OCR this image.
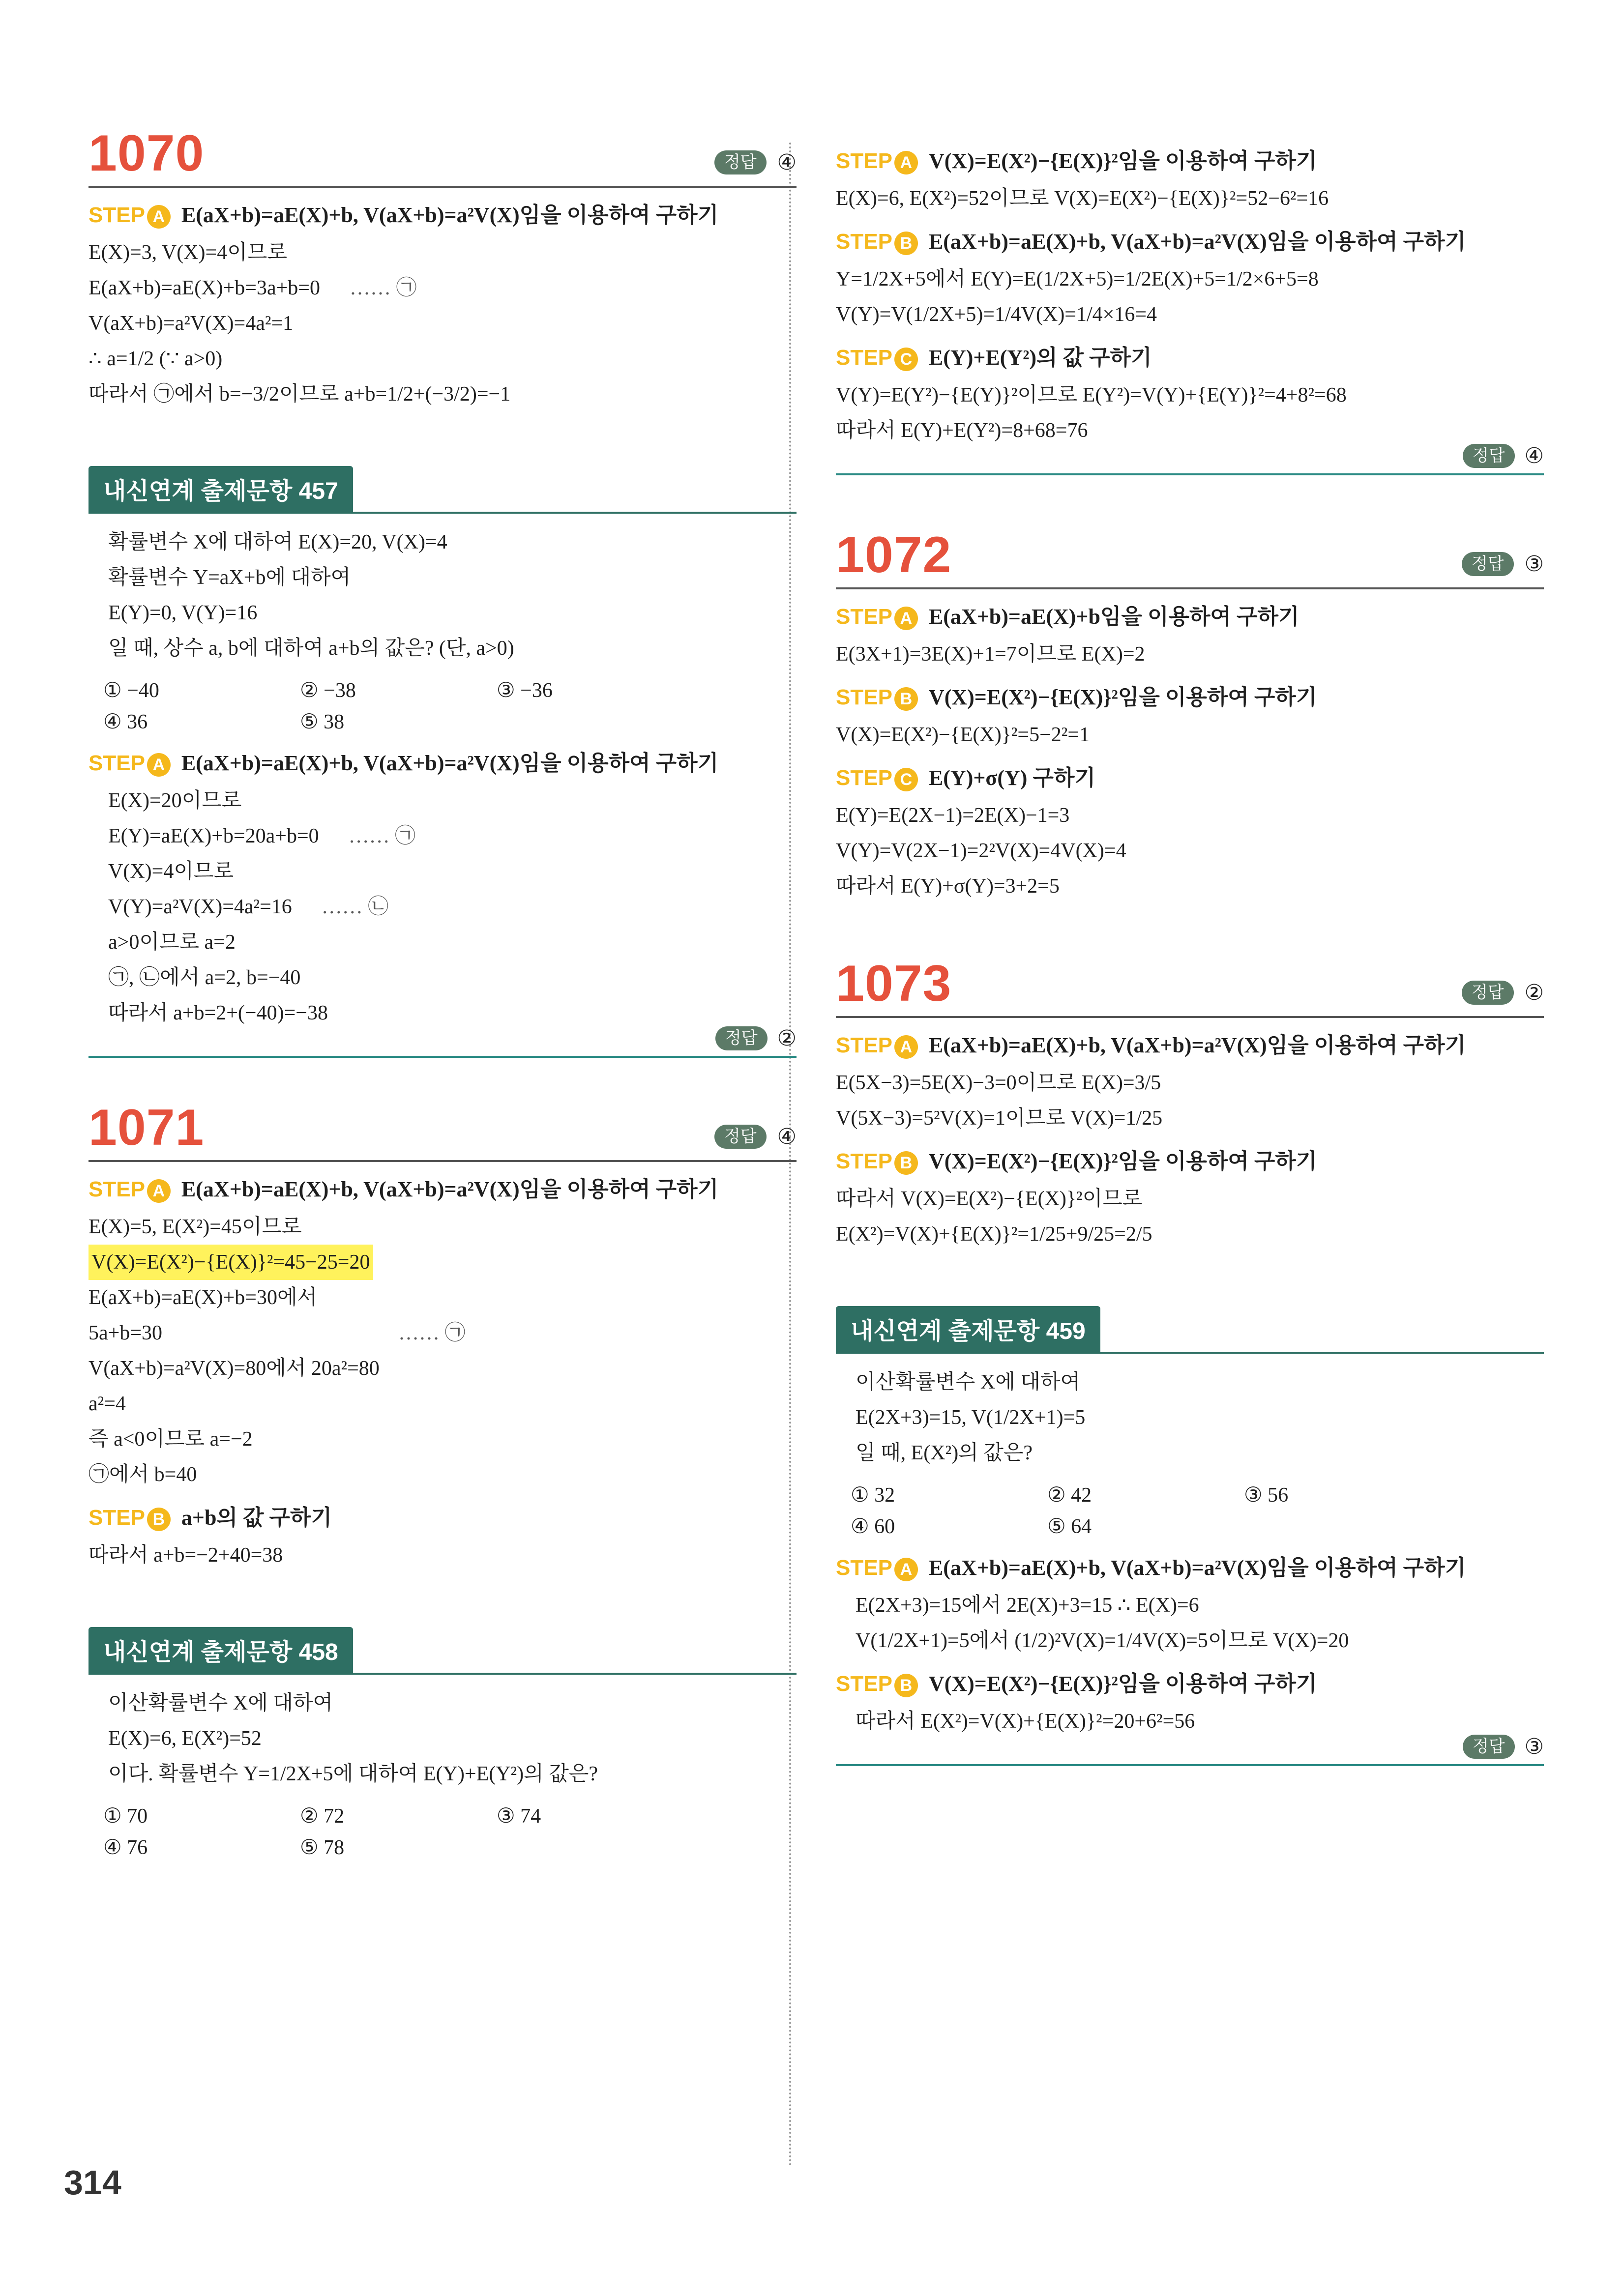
1070	정답 ④
STEP A E(aX+b)=aE(X)+b, V(aX+b)=a²V(X)임을 이용하여 구하기
E(X)=3, V(X)=4이므로
E(aX+b)=aE(X)+b=3a+b=0 …… ㉠
V(aX+b)=a²V(X)=4a²=1
∴ a=1/2 (∵ a>0)
따라서 ㉠에서 b=−3/2이므로 a+b=1/2+(−3/2)=−1
내신연계 출제문항 457
확률변수 X에 대하여 E(X)=20, V(X)=4
확률변수 Y=aX+b에 대하여
E(Y)=0, V(Y)=16
일 때, 상수 a, b에 대하여 a+b의 값은? (단, a>0)
① −40	② −38	③ −36
④ 36	⑤ 38
STEP A E(aX+b)=aE(X)+b, V(aX+b)=a²V(X)임을 이용하여 구하기
E(X)=20이므로
E(Y)=aE(X)+b=20a+b=0 …… ㉠
V(X)=4이므로
V(Y)=a²V(X)=4a²=16 …… ㉡
a>0이므로 a=2
㉠, ㉡에서 a=2, b=−40
따라서 a+b=2+(−40)=−38
정답 ②
1071	정답 ④
STEP A E(aX+b)=aE(X)+b, V(aX+b)=a²V(X)임을 이용하여 구하기
E(X)=5, E(X²)=45이므로
V(X)=E(X²)−{E(X)}²=45−25=20
E(aX+b)=aE(X)+b=30에서
5a+b=30	…… ㉠
V(aX+b)=a²V(X)=80에서 20a²=80
a²=4
즉 a<0이므로 a=−2
㉠에서 b=40
STEP B a+b의 값 구하기
따라서 a+b=−2+40=38
내신연계 출제문항 458
이산확률변수 X에 대하여
E(X)=6, E(X²)=52
이다. 확률변수 Y=1/2X+5에 대하여 E(Y)+E(Y²)의 값은?
① 70	② 72	③ 74
④ 76	⑤ 78
STEP A V(X)=E(X²)−{E(X)}²임을 이용하여 구하기
E(X)=6, E(X²)=52이므로 V(X)=E(X²)−{E(X)}²=52−6²=16
STEP B E(aX+b)=aE(X)+b, V(aX+b)=a²V(X)임을 이용하여 구하기
Y=1/2X+5에서 E(Y)=E(1/2X+5)=1/2E(X)+5=1/2×6+5=8
V(Y)=V(1/2X+5)=1/4V(X)=1/4×16=4
STEP C E(Y)+E(Y²)의 값 구하기
V(Y)=E(Y²)−{E(Y)}²이므로 E(Y²)=V(Y)+{E(Y)}²=4+8²=68
따라서 E(Y)+E(Y²)=8+68=76
정답 ④
1072	정답 ③
STEP A E(aX+b)=aE(X)+b임을 이용하여 구하기
E(3X+1)=3E(X)+1=7이므로 E(X)=2
STEP B V(X)=E(X²)−{E(X)}²임을 이용하여 구하기
V(X)=E(X²)−{E(X)}²=5−2²=1
STEP C E(Y)+σ(Y) 구하기
E(Y)=E(2X−1)=2E(X)−1=3
V(Y)=V(2X−1)=2²V(X)=4V(X)=4
따라서 E(Y)+σ(Y)=3+2=5
1073	정답 ②
STEP A E(aX+b)=aE(X)+b, V(aX+b)=a²V(X)임을 이용하여 구하기
E(5X−3)=5E(X)−3=0이므로 E(X)=3/5
V(5X−3)=5²V(X)=1이므로 V(X)=1/25
STEP B V(X)=E(X²)−{E(X)}²임을 이용하여 구하기
따라서 V(X)=E(X²)−{E(X)}²이므로
E(X²)=V(X)+{E(X)}²=1/25+9/25=2/5
내신연계 출제문항 459
이산확률변수 X에 대하여
E(2X+3)=15, V(1/2X+1)=5
일 때, E(X²)의 값은?
① 32	② 42	③ 56
④ 60	⑤ 64
STEP A E(aX+b)=aE(X)+b, V(aX+b)=a²V(X)임을 이용하여 구하기
E(2X+3)=15에서 2E(X)+3=15 ∴ E(X)=6
V(1/2X+1)=5에서 (1/2)²V(X)=1/4V(X)=5이므로 V(X)=20
STEP B V(X)=E(X²)−{E(X)}²임을 이용하여 구하기
따라서 E(X²)=V(X)+{E(X)}²=20+6²=56
정답 ③
314
